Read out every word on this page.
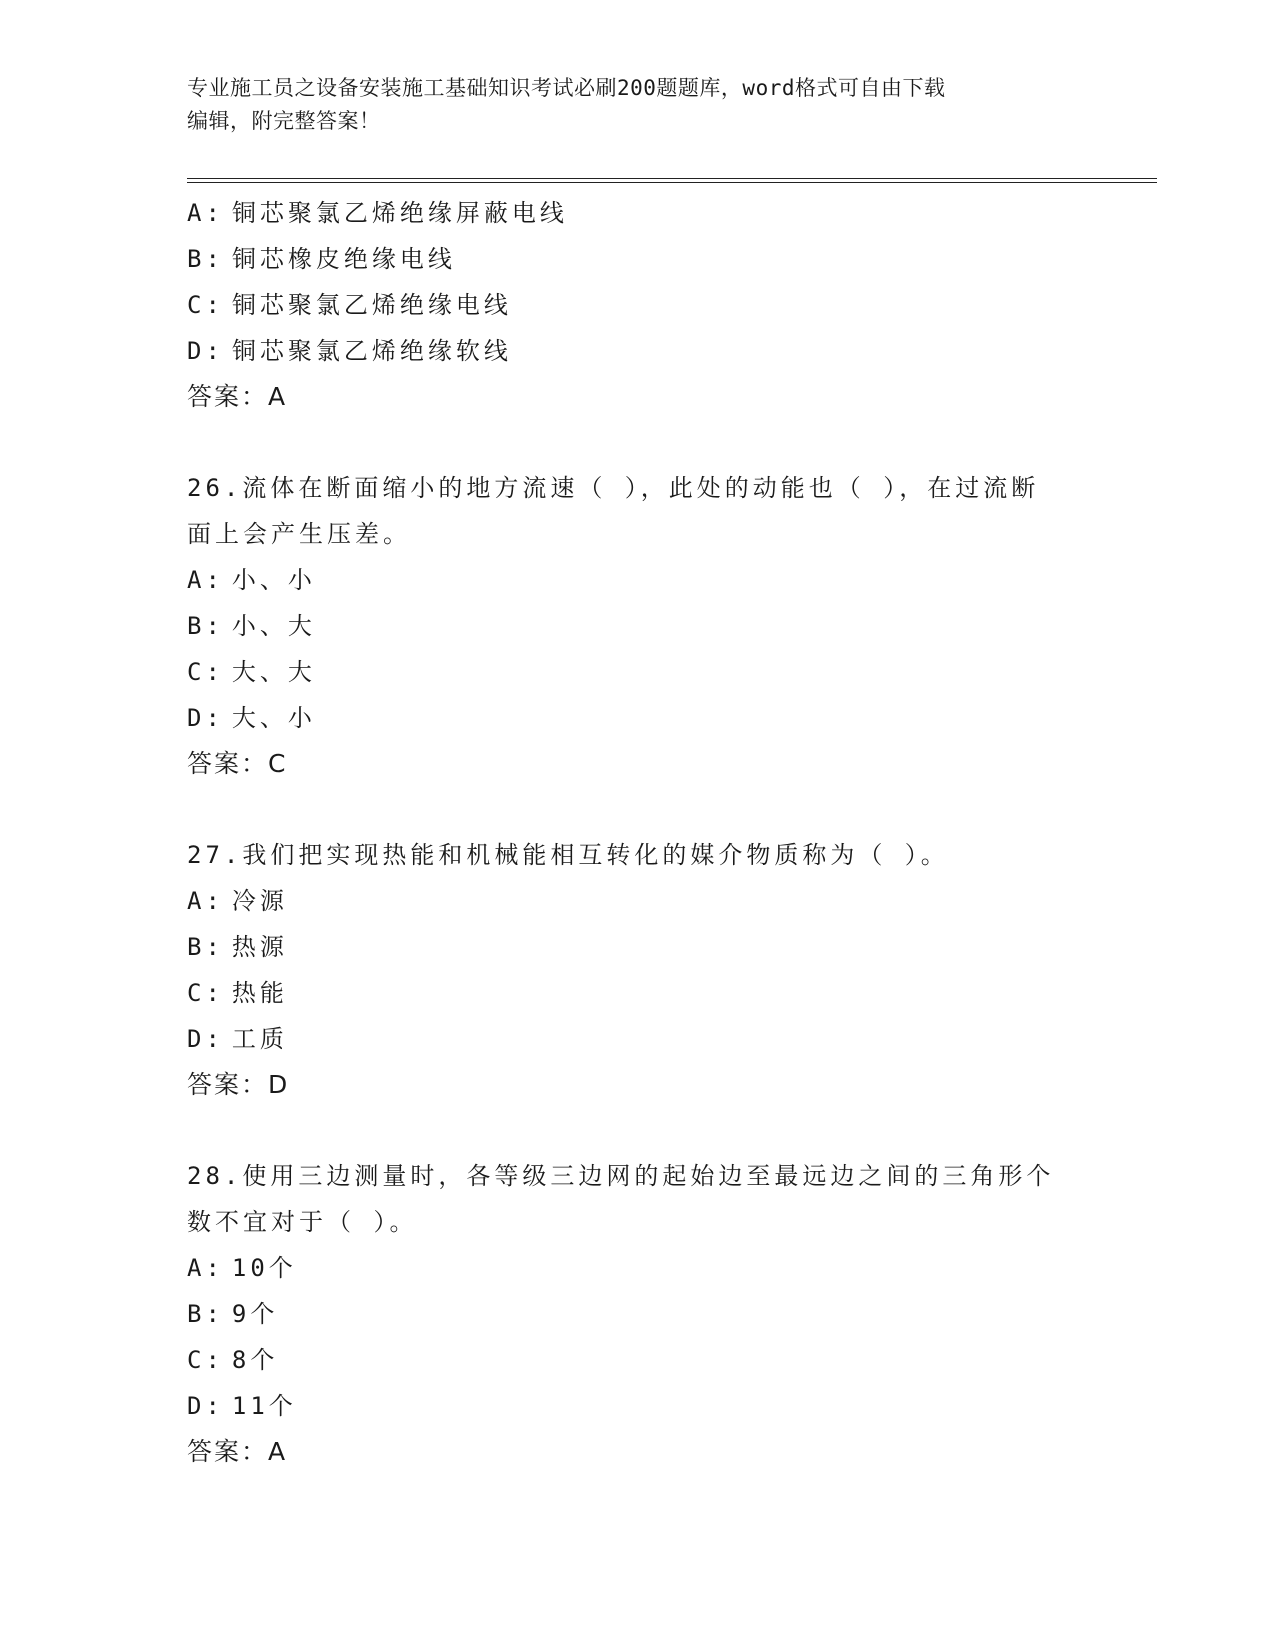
专业施工员之设备安装施工基础知识考试必刷200题题库，word格式可自由下载
编辑，附完整答案！
A: 铜芯聚氯乙烯绝缘屏蔽电线
B: 铜芯橡皮绝缘电线
C: 铜芯聚氯乙烯绝缘电线
D: 铜芯聚氯乙烯绝缘软线
答案：A
26.流体在断面缩小的地方流速（ ），此处的动能也（ ），在过流断
面上会产生压差。
A: 小、小
B: 小、大
C: 大、大
D: 大、小
答案：C
27.我们把实现热能和机械能相互转化的媒介物质称为（ ）。
A: 冷源
B: 热源
C: 热能
D: 工质
答案：D
28.使用三边测量时，各等级三边网的起始边至最远边之间的三角形个
数不宜对于（ ）。
A: 10个
B: 9个
C: 8个
D: 11个
答案：A
